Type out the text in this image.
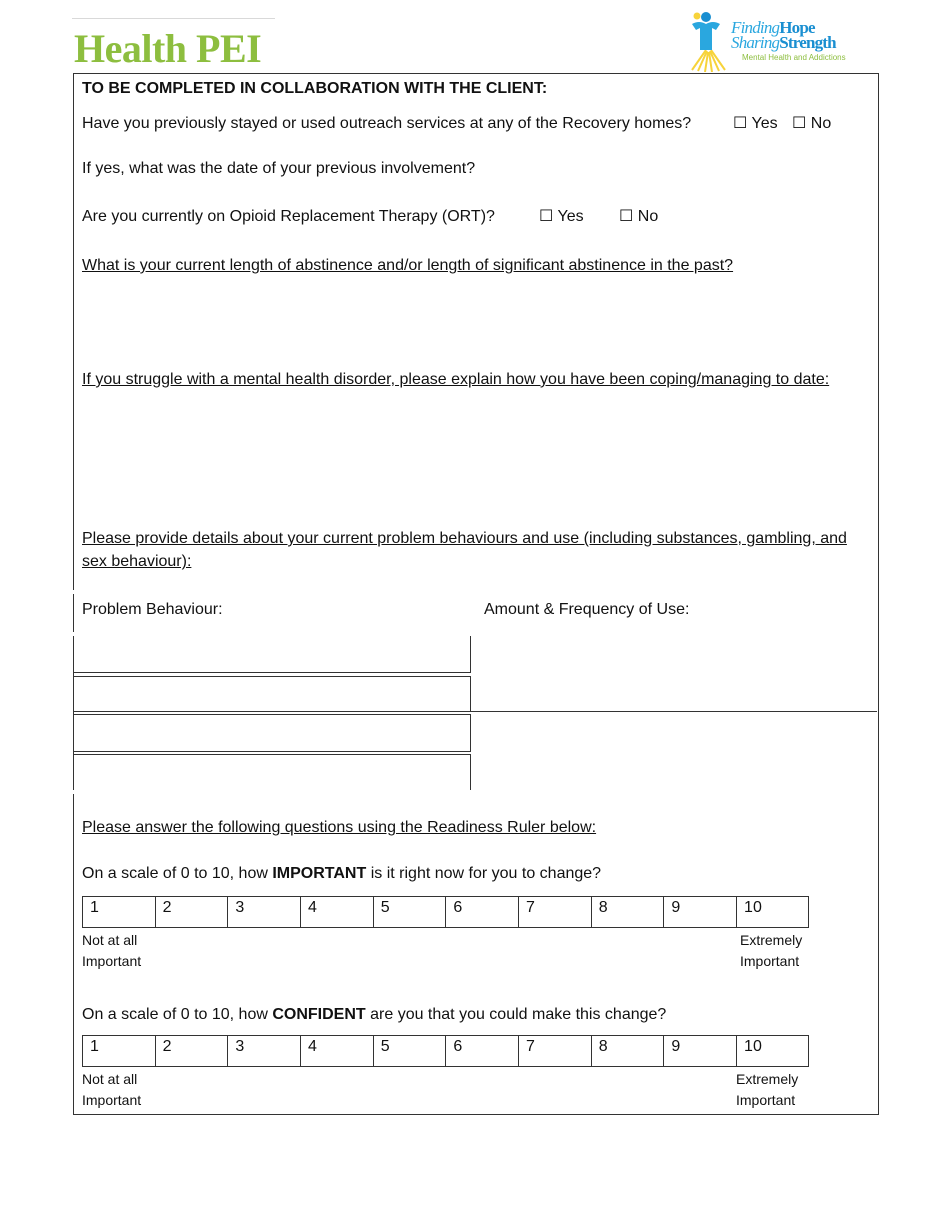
Health PEI	FindingHope
SharingStrength
Mental Health and Addictions
TO BE COMPLETED IN COLLABORATION WITH THE CLIENT:
Have you previously stayed or used outreach services at any of the Recovery homes?	☐ Yes ☐ No
If yes, what was the date of your previous involvement?
Are you currently on Opioid Replacement Therapy (ORT)?	☐ Yes ☐ No
What is your current length of abstinence and/or length of significant abstinence in the past?
If you struggle with a mental health disorder, please explain how you have been coping/managing to date:
Please provide details about your current problem behaviours and use (including substances, gambling, and sex behaviour):
Problem Behaviour:	Amount & Frequency of Use:
Please answer the following questions using the Readiness Ruler below:
On a scale of 0 to 10, how IMPORTANT is it right now for you to change?
1	2	3	4	5	6	7	8	9	10
Not at all
Important
Extremely
Important
On a scale of 0 to 10, how CONFIDENT are you that you could make this change?
1	2	3	4	5	6	7	8	9	10
Not at all
Important
Extremely
Important
